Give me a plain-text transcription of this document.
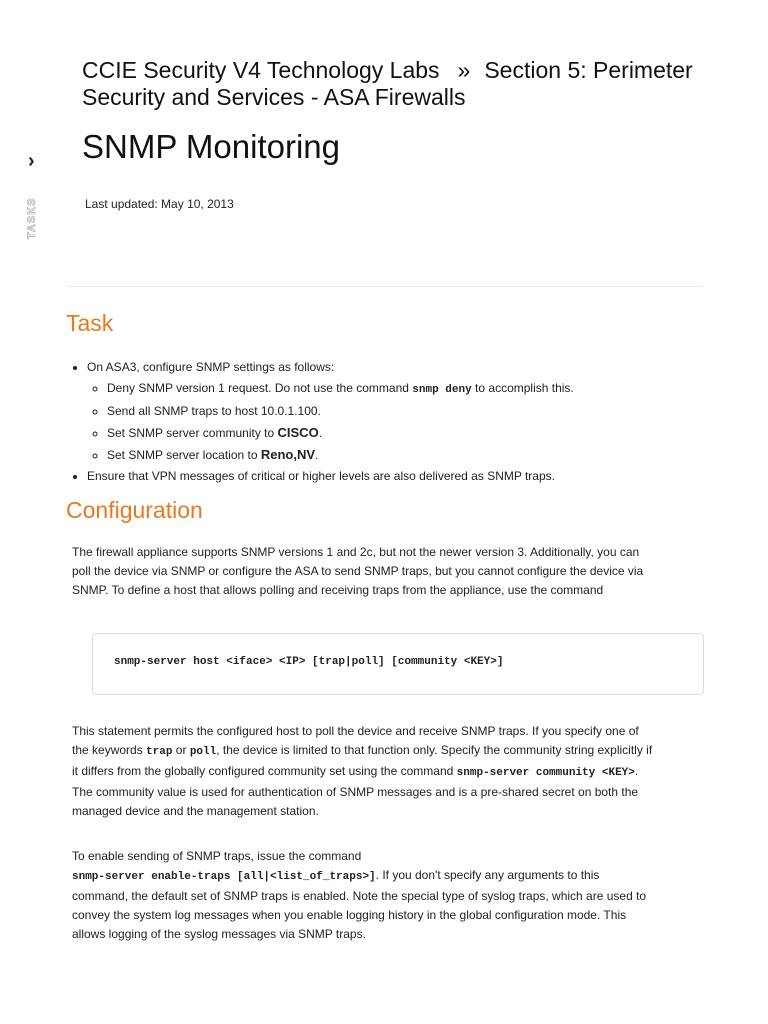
›
TASKS
CCIE Security V4 Technology Labs » Section 5: Perimeter Security and Services - ASA Firewalls
SNMP Monitoring
Last updated: May 10, 2013
Task
• On ASA3, configure SNMP settings as follows:
◦ Deny SNMP version 1 request. Do not use the command snmp deny to accomplish this.
◦ Send all SNMP traps to host 10.0.1.100.
◦ Set SNMP server community to CISCO.
◦ Set SNMP server location to Reno,NV.
• Ensure that VPN messages of critical or higher levels are also delivered as SNMP traps.
Configuration

The firewall appliance supports SNMP versions 1 and 2c, but not the newer version 3. Additionally, you can poll the device via SNMP or configure the ASA to send SNMP traps, but you cannot configure the device via SNMP. To define a host that allows polling and receiving traps from the appliance, use the command

snmp-server host <iface> <IP> [trap|poll] [community <KEY>]

This statement permits the configured host to poll the device and receive SNMP traps. If you specify one of the keywords trap or poll, the device is limited to that function only. Specify the community string explicitly if it differs from the globally configured community set using the command snmp-server community <KEY>. The community value is used for authentication of SNMP messages and is a pre-shared secret on both the managed device and the management station.

To enable sending of SNMP traps, issue the command
snmp-server enable-traps [all|<list_of_traps>]. If you don't specify any arguments to this command, the default set of SNMP traps is enabled. Note the special type of syslog traps, which are used to convey the system log messages when you enable logging history in the global configuration mode. This allows logging of the syslog messages via SNMP traps.
